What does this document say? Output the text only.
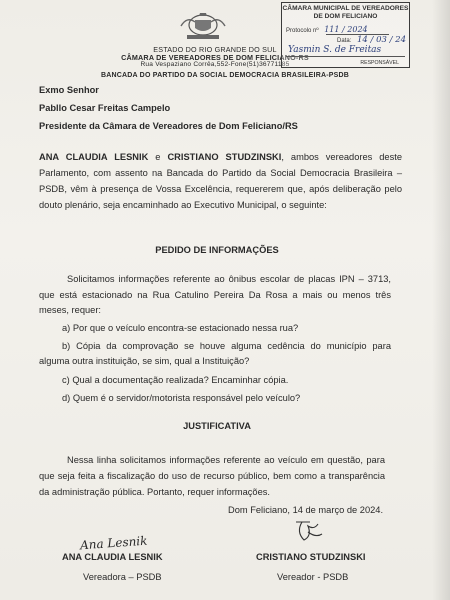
ESTADO DO RIO GRANDE DO SUL
CÂMARA DE VEREADORES DE DOM FELICIANO-RS
Rua Vespaziano Corrêa,552-Fone(51)36771185
BANCADA DO PARTIDO DA SOCIAL DEMOCRACIA BRASILEIRA-PSDB
CÂMARA MUNICIPAL DE VEREADORES
DE DOM FELICIANO
Protocolo nº 111 / 2024
Data: 14 / 03 / 24
Yasmin S. de Freitas
RESPONSÁVEL
Exmo Senhor
Pabllo Cesar Freitas Campelo
Presidente da Câmara de Vereadores de Dom Feliciano/RS
ANA CLAUDIA LESNIK e CRISTIANO STUDZINSKI, ambos vereadores deste Parlamento, com assento na Bancada do Partido da Social Democracia Brasileira – PSDB, vêm à presença de Vossa Excelência, requererem que, após deliberação pelo douto plenário, seja encaminhado ao Executivo Municipal, o seguinte:
PEDIDO DE INFORMAÇÕES
Solicitamos informações referente ao ônibus escolar de placas IPN – 3713, que está estacionado na Rua Catulino Pereira Da Rosa a mais ou menos três meses, requer:
a) Por que o veículo encontra-se estacionado nessa rua?
b) Cópia da comprovação se houve alguma cedência do município para alguma outra instituição, se sim, qual a Instituição?
c) Qual a documentação realizada? Encaminhar cópia.
d) Quem é o servidor/motorista responsável pelo veículo?
JUSTIFICATIVA
Nessa linha solicitamos informações referente ao veículo em questão, para que seja feita a fiscalização do uso de recurso público, bem como a transparência da administração pública. Portanto, requer informações.
Dom Feliciano, 14 de março de 2024.
Ana Lesnik
ANA CLAUDIA LESNIK
Vereadora – PSDB
CRISTIANO STUDZINSKI
Vereador - PSDB
